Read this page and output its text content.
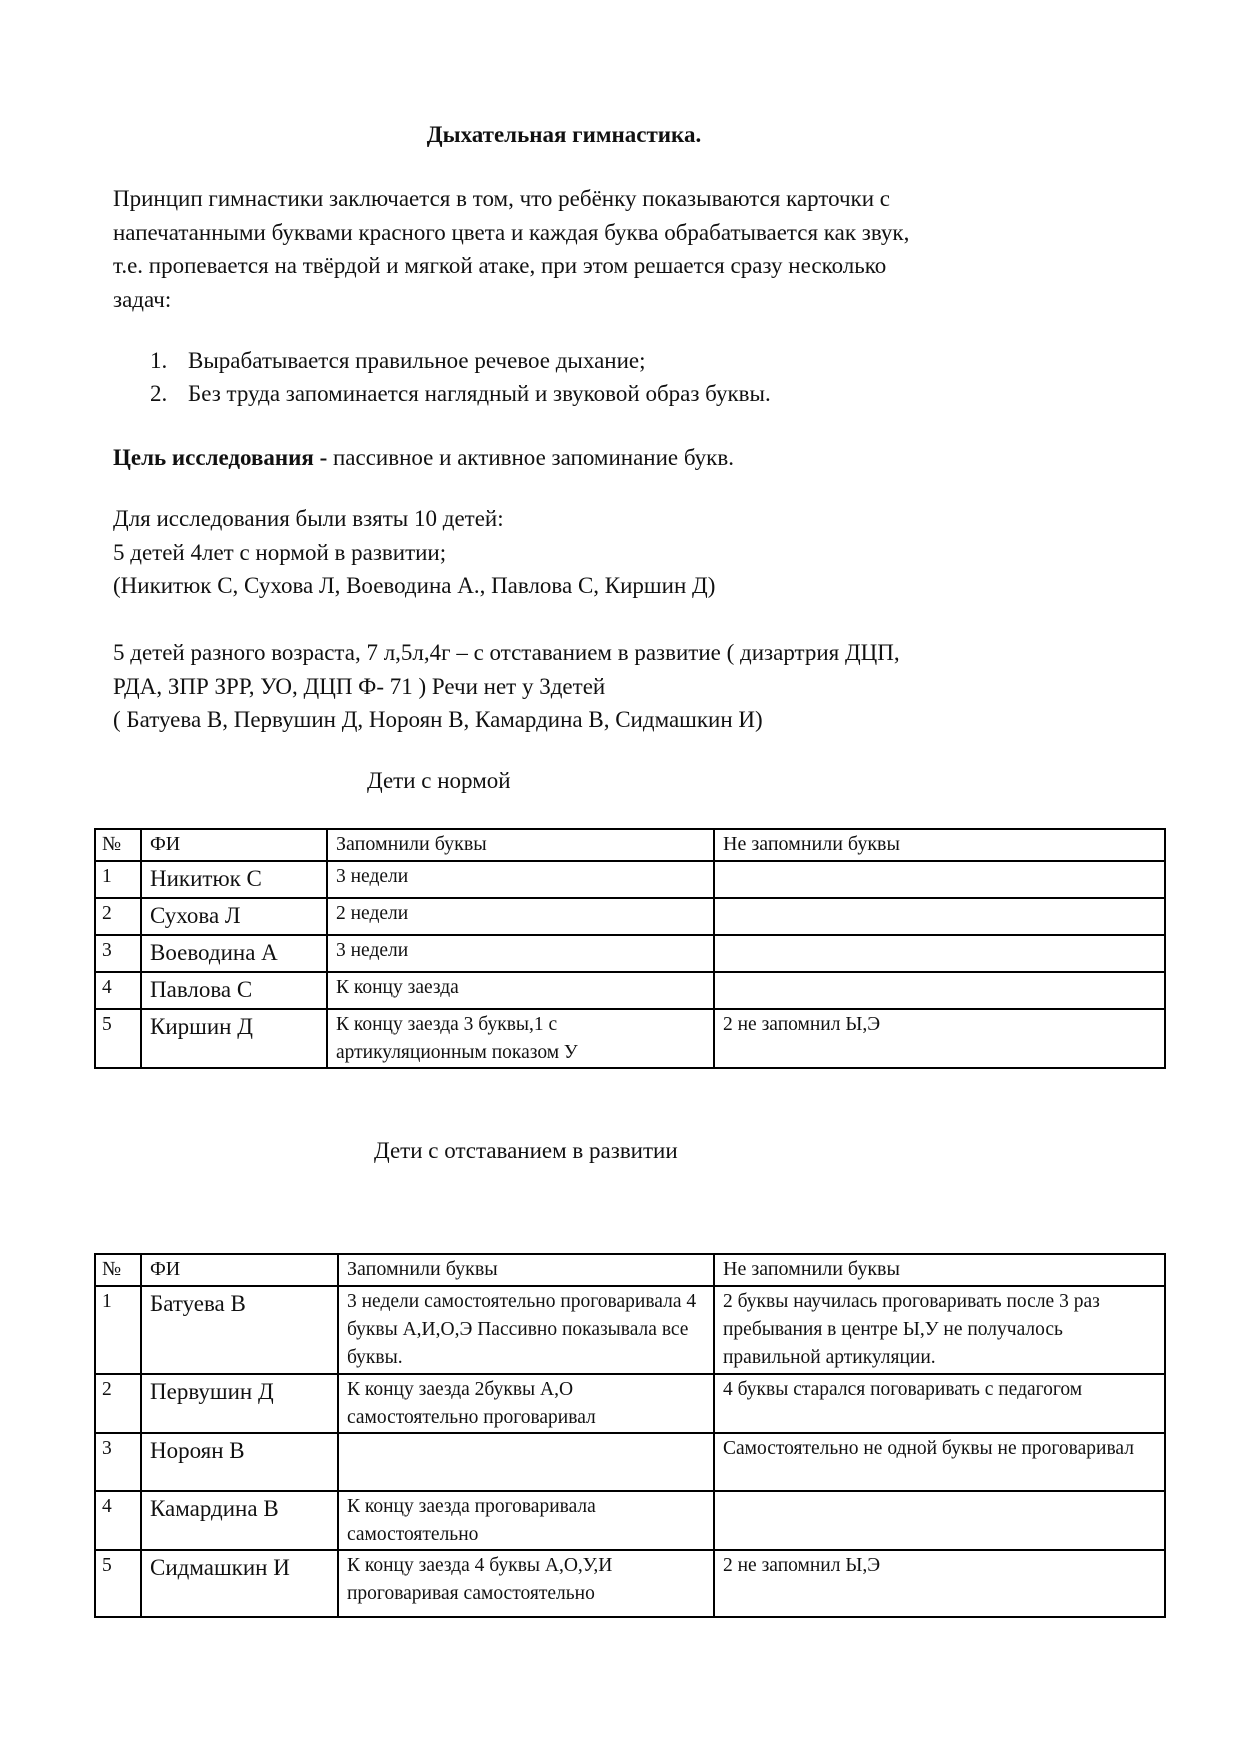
Дыхательная гимнастика.
Принцип гимнастики заключается в том, что ребёнку показываются карточки с
напечатанными буквами красного цвета и каждая буква обрабатывается как звук,
т.е. пропевается на твёрдой и мягкой атаке, при этом решается сразу несколько
задач:
1. Вырабатывается правильное речевое дыхание;
2. Без труда запоминается наглядный и звуковой образ буквы.
Цель исследования - пассивное и активное запоминание букв.
Для исследования были взяты 10 детей:
5 детей 4лет с нормой в развитии;
(Никитюк С, Сухова Л, Воеводина А., Павлова С, Киршин Д)
5 детей разного возраста, 7 л,5л,4г – с отставанием в развитие ( дизартрия ДЦП,
РДА, ЗПР ЗРР, УО, ДЦП Ф- 71 ) Речи нет у 3детей
( Батуева В, Первушин Д, Нороян В, Камардина В, Сидмашкин И)
Дети с нормой
№	ФИ	Запомнили буквы	Не запомнили буквы
1	Никитюк С	3 недели	
2	Сухова Л	2 недели	
3	Воеводина А	3 недели	
4	Павлова С	К концу заезда	
5	Киршин Д	К концу заезда 3 буквы,1 с артикуляционным показом У	2 не запомнил Ы,Э
Дети с отставанием в развитии
№	ФИ	Запомнили буквы	Не запомнили буквы
1	Батуева В	3 недели самостоятельно проговаривала 4 буквы А,И,О,Э Пассивно показывала все буквы.	2 буквы научилась проговаривать после 3 раз пребывания в центре Ы,У не получалось правильной артикуляции.
2	Первушин Д	К концу заезда 2буквы А,О самостоятельно проговаривал	4 буквы старался поговаривать с педагогом
3	Нороян В		Самостоятельно не одной буквы не проговаривал
4	Камардина В	К концу заезда проговаривала самостоятельно	
5	Сидмашкин И	К концу заезда 4 буквы А,О,У,И проговаривая самостоятельно	2 не запомнил Ы,Э
